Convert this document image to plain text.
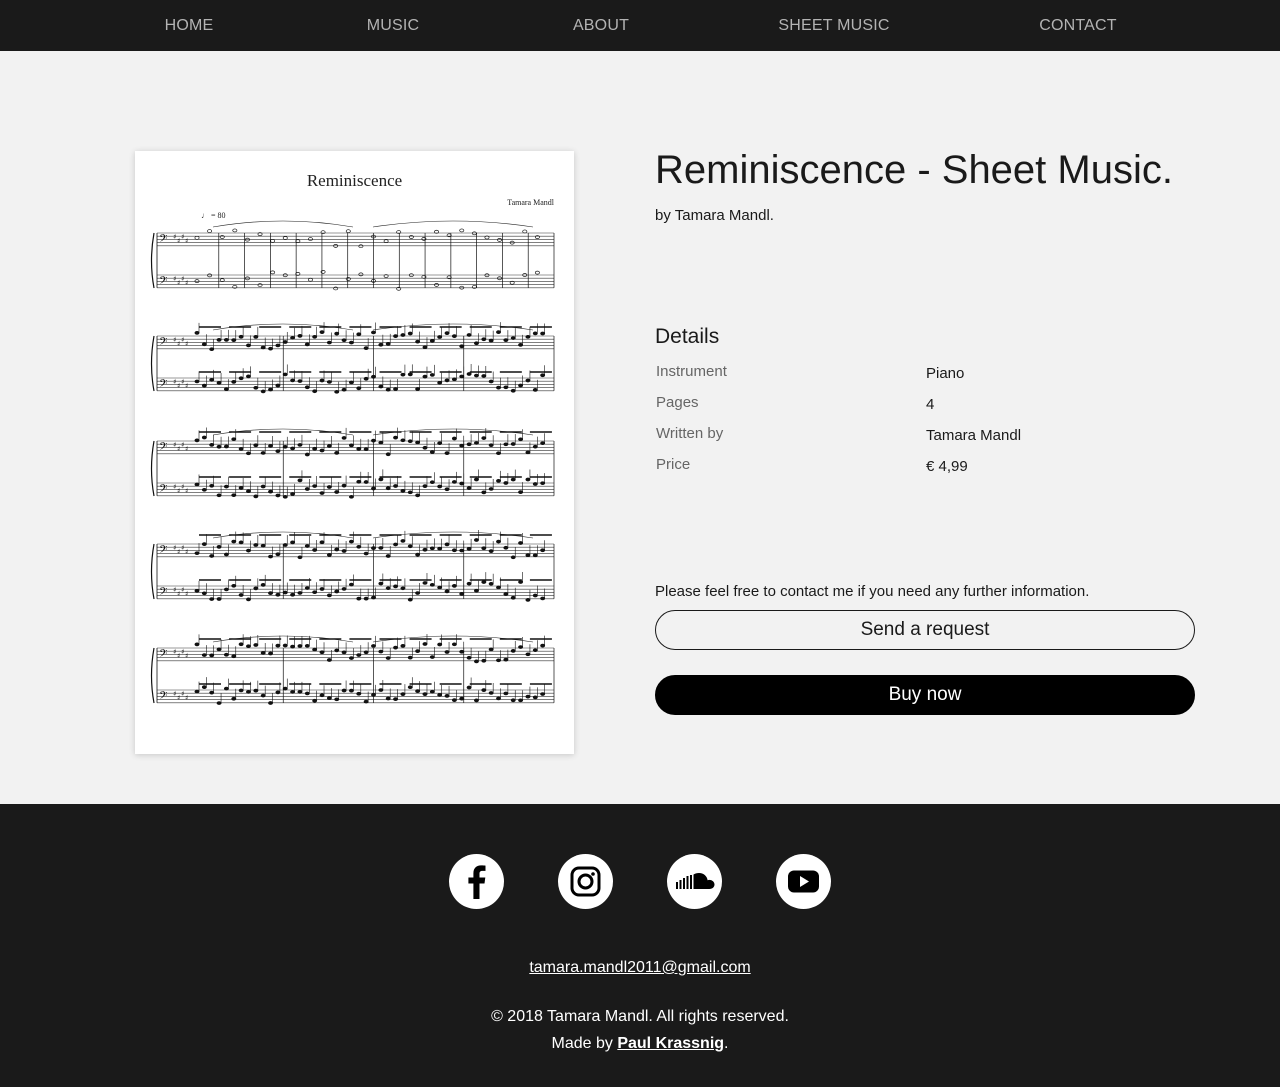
HOME	MUSIC	ABOUT	SHEET MUSIC	CONTACT
𝄢 ♯ ♯ ♯ ♯
𝄢 ♯ ♯ ♯ ♯
𝄢 ♯ ♯ ♯ ♯
𝄢 ♯ ♯ ♯ ♯
𝄢 ♯ ♯ ♯ ♯
𝄢 ♯ ♯ ♯ ♯
𝄢 ♯ ♯ ♯ ♯
𝄢 ♯ ♯ ♯ ♯
𝄢 ♯ ♯ ♯ ♯
𝄢 ♯ ♯ ♯ ♯
Reminiscence
Tamara Mandl
♩ = 80
Reminiscence - Sheet Music.
by Tamara Mandl.
Details
Instrument	Piano
Pages	4
Written by	Tamara Mandl
Price	€ 4,99
Please feel free to contact me if you need any further information.
Send a request
Buy now
tamara.mandl2011@gmail.com
© 2018 Tamara Mandl. All rights reserved.
Made by Paul Krassnig.
